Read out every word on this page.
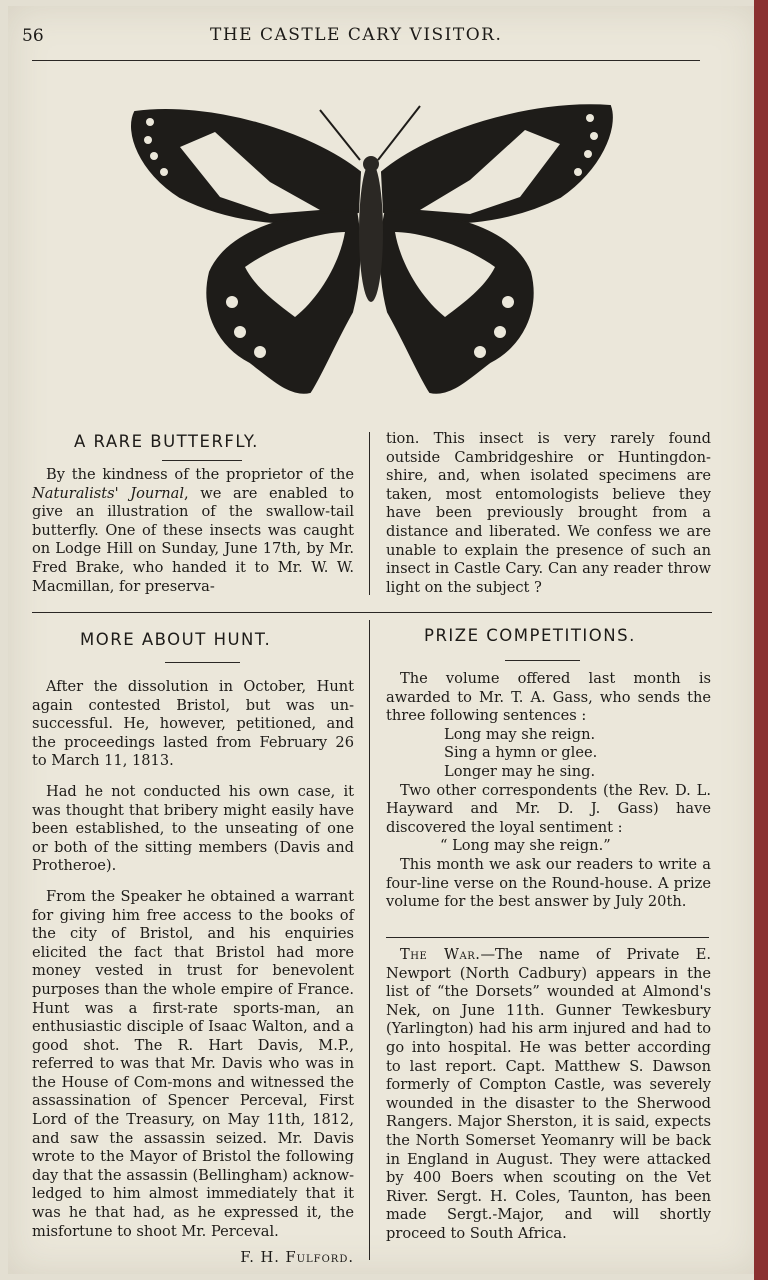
56	THE CASTLE CARY VISITOR.
A RARE BUTTERFLY.

By the kindness of the proprietor of the Naturalists' Journal, we are enabled to give an illustration of the swallow-tail butterfly. One of these insects was caught on Lodge Hill on Sunday, June 17th, by Mr. Fred Brake, who handed it to Mr. W. W. Macmillan, for preserva-

tion. This insect is very rarely found outside Cambridgeshire or Huntingdon-shire, and, when isolated specimens are taken, most entomologists believe they have been previously brought from a distance and liberated. We confess we are unable to explain the presence of such an insect in Castle Cary. Can any reader throw light on the subject ?

MORE ABOUT HUNT.

After the dissolution in October, Hunt again contested Bristol, but was un-successful. He, however, petitioned, and the proceedings lasted from February 26 to March 11, 1813.

Had he not conducted his own case, it was thought that bribery might easily have been established, to the unseating of one or both of the sitting members (Davis and Protheroe).

From the Speaker he obtained a warrant for giving him free access to the books of the city of Bristol, and his enquiries elicited the fact that Bristol had more money vested in trust for benevolent purposes than the whole empire of France. Hunt was a first-rate sports-man, an enthusiastic disciple of Isaac Walton, and a good shot. The R. Hart Davis, M.P., referred to was that Mr. Davis who was in the House of Com-mons and witnessed the assassination of Spencer Perceval, First Lord of the Treasury, on May 11th, 1812, and saw the assassin seized. Mr. Davis wrote to the Mayor of Bristol the following day that the assassin (Bellingham) acknow-ledged to him almost immediately that it was he that had, as he expressed it, the misfortune to shoot Mr. Perceval.

F. H. Fulford.

PRIZE COMPETITIONS.

The volume offered last month is awarded to Mr. T. A. Gass, who sends the three following sentences :

Long may she reign.

Sing a hymn or glee.

Longer may he sing.

Two other correspondents (the Rev. D. L. Hayward and Mr. D. J. Gass) have discovered the loyal sentiment :

“ Long may she reign.”

This month we ask our readers to write a four-line verse on the Round-house. A prize volume for the best answer by July 20th.

The War.—The name of Private E. Newport (North Cadbury) appears in the list of “the Dorsets” wounded at Almond's Nek, on June 11th. Gunner Tewkesbury (Yarlington) had his arm injured and had to go into hospital. He was better according to last report. Capt. Matthew S. Dawson formerly of Compton Castle, was severely wounded in the disaster to the Sherwood Rangers. Major Sherston, it is said, expects the North Somerset Yeomanry will be back in England in August. They were attacked by 400 Boers when scouting on the Vet River. Sergt. H. Coles, Taunton, has been made Sergt.-Major, and will shortly proceed to South Africa.
